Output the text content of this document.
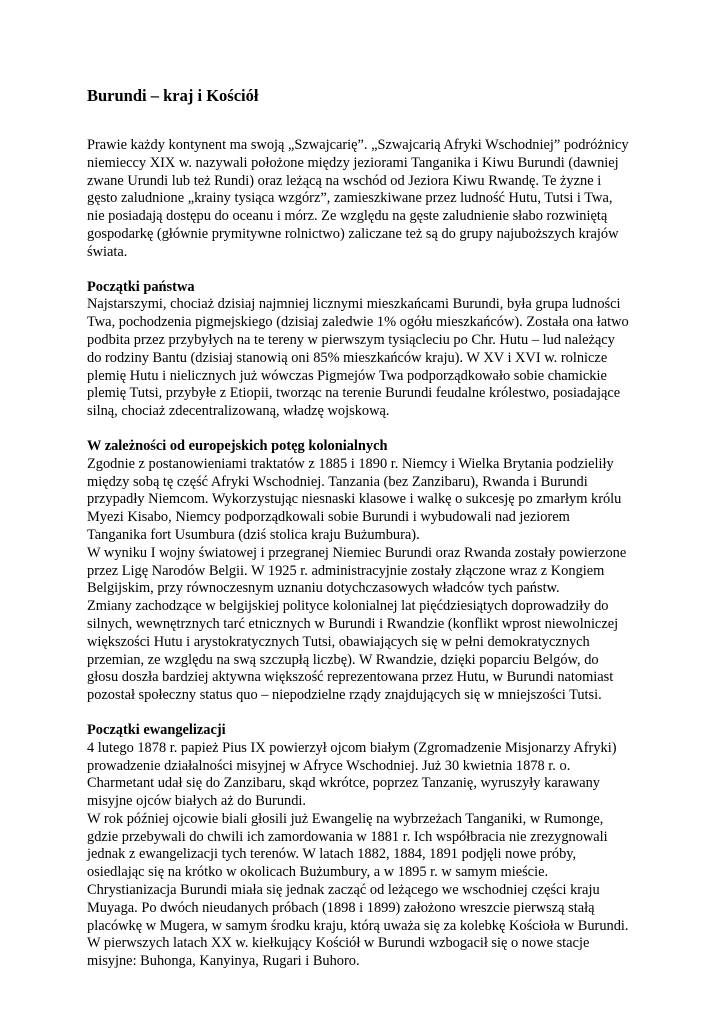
Burundi – kraj i Kościół

Prawie każdy kontynent ma swoją „Szwajcarię”. „Szwajcarią Afryki Wschodniej” podróżnicy
niemieccy XIX w. nazywali położone między jeziorami Tanganika i Kiwu Burundi (dawniej
zwane Urundi lub też Rundi) oraz leżącą na wschód od Jeziora Kiwu Rwandę. Te żyzne i
gęsto zaludnione „krainy tysiąca wzgórz”, zamieszkiwane przez ludność Hutu, Tutsi i Twa,
nie posiadają dostępu do oceanu i mórz. Ze względu na gęste zaludnienie słabo rozwiniętą
gospodarkę (głównie prymitywne rolnictwo) zaliczane też są do grupy najuboższych krajów
świata.

Początki państwa

Najstarszymi, chociaż dzisiaj najmniej licznymi mieszkańcami Burundi, była grupa ludności
Twa, pochodzenia pigmejskiego (dzisiaj zaledwie 1% ogółu mieszkańców). Została ona łatwo
podbita przez przybyłych na te tereny w pierwszym tysiącleciu po Chr. Hutu – lud należący
do rodziny Bantu (dzisiaj stanowią oni 85% mieszkańców kraju). W XV i XVI w. rolnicze
plemię Hutu i nielicznych już wówczas Pigmejów Twa podporządkowało sobie chamickie
plemię Tutsi, przybyłe z Etiopii, tworząc na terenie Burundi feudalne królestwo, posiadające
silną, chociaż zdecentralizowaną, władzę wojskową.

W zależności od europejskich potęg kolonialnych

Zgodnie z postanowieniami traktatów z 1885 i 1890 r. Niemcy i Wielka Brytania podzieliły
między sobą tę część Afryki Wschodniej. Tanzania (bez Zanzibaru), Rwanda i Burundi
przypadły Niemcom. Wykorzystując niesnaski klasowe i walkę o sukcesję po zmarłym królu
Myezi Kisabo, Niemcy podporządkowali sobie Burundi i wybudowali nad jeziorem
Tanganika fort Usumbura (dziś stolica kraju Bużumbura).
W wyniku I wojny światowej i przegranej Niemiec Burundi oraz Rwanda zostały powierzone
przez Ligę Narodów Belgii. W 1925 r. administracyjnie zostały złączone wraz z Kongiem
Belgijskim, przy równoczesnym uznaniu dotychczasowych władców tych państw.
Zmiany zachodzące w belgijskiej polityce kolonialnej lat pięćdziesiątych doprowadziły do
silnych, wewnętrznych tarć etnicznych w Burundi i Rwandzie (konflikt wprost niewolniczej
większości Hutu i arystokratycznych Tutsi, obawiających się w pełni demokratycznych
przemian, ze względu na swą szczupłą liczbę). W Rwandzie, dzięki poparciu Belgów, do
głosu doszła bardziej aktywna większość reprezentowana przez Hutu, w Burundi natomiast
pozostał społeczny status quo – niepodzielne rządy znajdujących się w mniejszości Tutsi.

Początki ewangelizacji

4 lutego 1878 r. papież Pius IX powierzył ojcom białym (Zgromadzenie Misjonarzy Afryki)
prowadzenie działalności misyjnej w Afryce Wschodniej. Już 30 kwietnia 1878 r. o.
Charmetant udał się do Zanzibaru, skąd wkrótce, poprzez Tanzanię, wyruszyły karawany
misyjne ojców białych aż do Burundi.
W rok później ojcowie biali głosili już Ewangelię na wybrzeżach Tanganiki, w Rumonge,
gdzie przebywali do chwili ich zamordowania w 1881 r. Ich współbracia nie zrezygnowali
jednak z ewangelizacji tych terenów. W latach 1882, 1884, 1891 podjęli nowe próby,
osiedlając się na krótko w okolicach Bużumbury, a w 1895 r. w samym mieście.
Chrystianizacja Burundi miała się jednak zacząć od leżącego we wschodniej części kraju
Muyaga. Po dwóch nieudanych próbach (1898 i 1899) założono wreszcie pierwszą stałą
placówkę w Mugera, w samym środku kraju, którą uważa się za kolebkę Kościoła w Burundi.
W pierwszych latach XX w. kiełkujący Kościół w Burundi wzbogacił się o nowe stacje
misyjne: Buhonga, Kanyinya, Rugari i Buhoro.
